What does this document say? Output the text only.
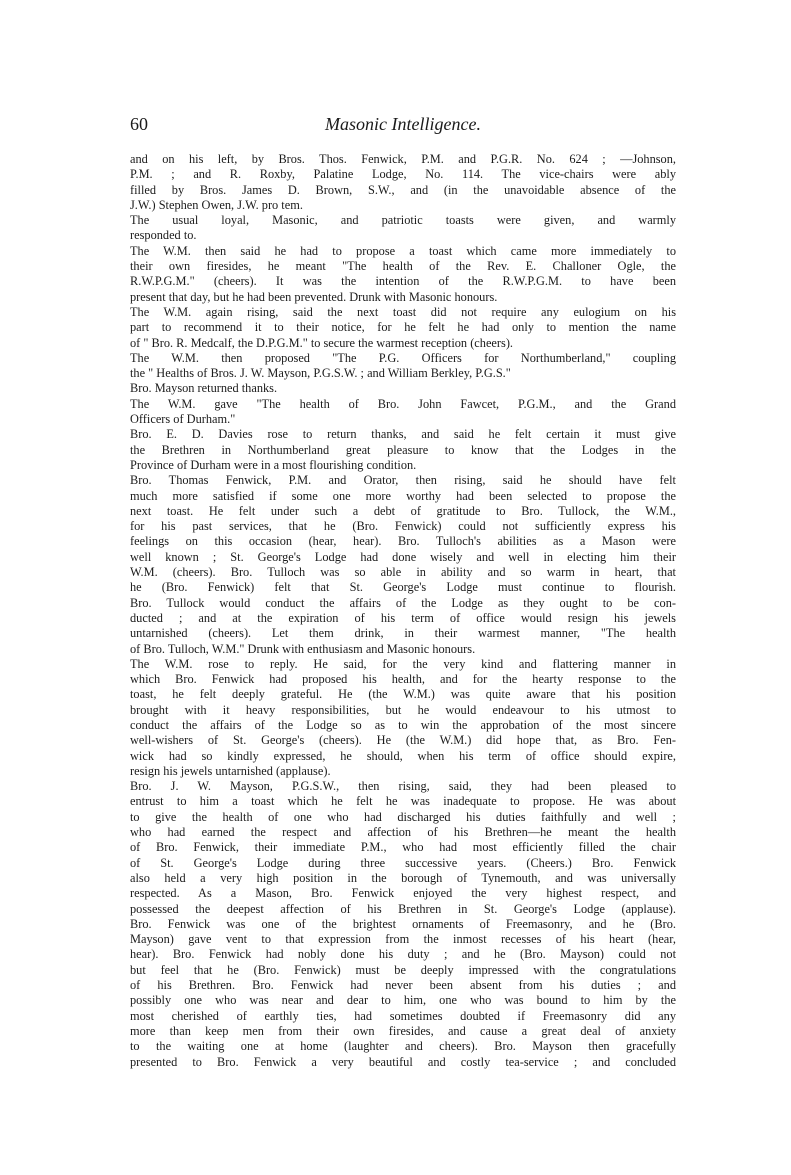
60	Masonic Intelligence.
and on his left, by Bros. Thos. Fenwick, P.M. and P.G.R. No. 624 ; —Johnson,
P.M. ; and R. Roxby, Palatine Lodge, No. 114. The vice-chairs were ably
filled by Bros. James D. Brown, S.W., and (in the unavoidable absence of the
J.W.) Stephen Owen, J.W. pro tem.
The usual loyal, Masonic, and patriotic toasts were given, and warmly
responded to.
The W.M. then said he had to propose a toast which came more immediately to
their own firesides, he meant "The health of the Rev. E. Challoner Ogle, the
R.W.P.G.M." (cheers). It was the intention of the R.W.P.G.M. to have been
present that day, but he had been prevented. Drunk with Masonic honours.
The W.M. again rising, said the next toast did not require any eulogium on his
part to recommend it to their notice, for he felt he had only to mention the name
of " Bro. R. Medcalf, the D.P.G.M." to secure the warmest reception (cheers).
The W.M. then proposed "The P.G. Officers for Northumberland," coupling
the " Healths of Bros. J. W. Mayson, P.G.S.W. ; and William Berkley, P.G.S."
Bro. Mayson returned thanks.
The W.M. gave "The health of Bro. John Fawcet, P.G.M., and the Grand
Officers of Durham."
Bro. E. D. Davies rose to return thanks, and said he felt certain it must give
the Brethren in Northumberland great pleasure to know that the Lodges in the
Province of Durham were in a most flourishing condition.
Bro. Thomas Fenwick, P.M. and Orator, then rising, said he should have felt
much more satisfied if some one more worthy had been selected to propose the
next toast. He felt under such a debt of gratitude to Bro. Tullock, the W.M.,
for his past services, that he (Bro. Fenwick) could not sufficiently express his
feelings on this occasion (hear, hear). Bro. Tulloch's abilities as a Mason were
well known ; St. George's Lodge had done wisely and well in electing him their
W.M. (cheers). Bro. Tulloch was so able in ability and so warm in heart, that
he (Bro. Fenwick) felt that St. George's Lodge must continue to flourish.
Bro. Tullock would conduct the affairs of the Lodge as they ought to be con-
ducted ; and at the expiration of his term of office would resign his jewels
untarnished (cheers). Let them drink, in their warmest manner, "The health
of Bro. Tulloch, W.M." Drunk with enthusiasm and Masonic honours.
The W.M. rose to reply. He said, for the very kind and flattering manner in
which Bro. Fenwick had proposed his health, and for the hearty response to the
toast, he felt deeply grateful. He (the W.M.) was quite aware that his position
brought with it heavy responsibilities, but he would endeavour to his utmost to
conduct the affairs of the Lodge so as to win the approbation of the most sincere
well-wishers of St. George's (cheers). He (the W.M.) did hope that, as Bro. Fen-
wick had so kindly expressed, he should, when his term of office should expire,
resign his jewels untarnished (applause).
Bro. J. W. Mayson, P.G.S.W., then rising, said, they had been pleased to
entrust to him a toast which he felt he was inadequate to propose. He was about
to give the health of one who had discharged his duties faithfully and well ;
who had earned the respect and affection of his Brethren—he meant the health
of Bro. Fenwick, their immediate P.M., who had most efficiently filled the chair
of St. George's Lodge during three successive years. (Cheers.) Bro. Fenwick
also held a very high position in the borough of Tynemouth, and was universally
respected. As a Mason, Bro. Fenwick enjoyed the very highest respect, and
possessed the deepest affection of his Brethren in St. George's Lodge (applause).
Bro. Fenwick was one of the brightest ornaments of Freemasonry, and he (Bro.
Mayson) gave vent to that expression from the inmost recesses of his heart (hear,
hear). Bro. Fenwick had nobly done his duty ; and he (Bro. Mayson) could not
but feel that he (Bro. Fenwick) must be deeply impressed with the congratulations
of his Brethren. Bro. Fenwick had never been absent from his duties ; and
possibly one who was near and dear to him, one who was bound to him by the
most cherished of earthly ties, had sometimes doubted if Freemasonry did any
more than keep men from their own firesides, and cause a great deal of anxiety
to the waiting one at home (laughter and cheers). Bro. Mayson then gracefully
presented to Bro. Fenwick a very beautiful and costly tea-service ; and concluded
